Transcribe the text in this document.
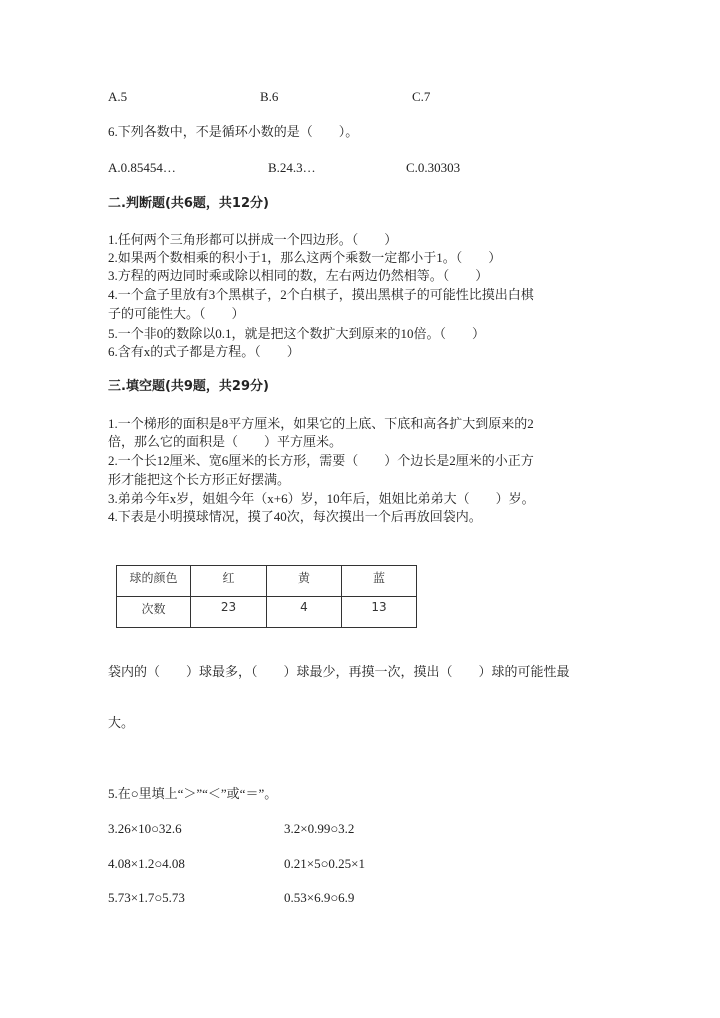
A.5	B.6	C.7
6.下列各数中，不是循环小数的是（　　）。
A.0.85454…	B.24.3…	C.0.30303
二.判断题(共6题，共12分)
1.任何两个三角形都可以拼成一个四边形。（　　）
2.如果两个数相乘的积小于1，那么这两个乘数一定都小于1。（　　）
3.方程的两边同时乘或除以相同的数，左右两边仍然相等。（　　）
4.一个盒子里放有3个黑棋子，2个白棋子，摸出黑棋子的可能性比摸出白棋
子的可能性大。（　　）
5.一个非0的数除以0.1，就是把这个数扩大到原来的10倍。（　　）
6.含有x的式子都是方程。（　　）
三.填空题(共9题，共29分)
1.一个梯形的面积是8平方厘米，如果它的上底、下底和高各扩大到原来的2
倍，那么它的面积是（　　）平方厘米。
2.一个长12厘米、宽6厘米的长方形，需要（　　）个边长是2厘米的小正方
形才能把这个长方形正好摆满。
3.弟弟今年x岁，姐姐今年（x+6）岁，10年后，姐姐比弟弟大（　　）岁。
4.下表是小明摸球情况，摸了40次，每次摸出一个后再放回袋内。
球的颜色	红	黄	蓝
次数	23	4	13
袋内的（　　）球最多，（　　）球最少，再摸一次，摸出（　　）球的可能性最
大。
5.在○里填上“＞”“＜”或“＝”。
3.26×10○32.6	3.2×0.99○3.2
4.08×1.2○4.08	0.21×5○0.25×1
5.73×1.7○5.73	0.53×6.9○6.9
